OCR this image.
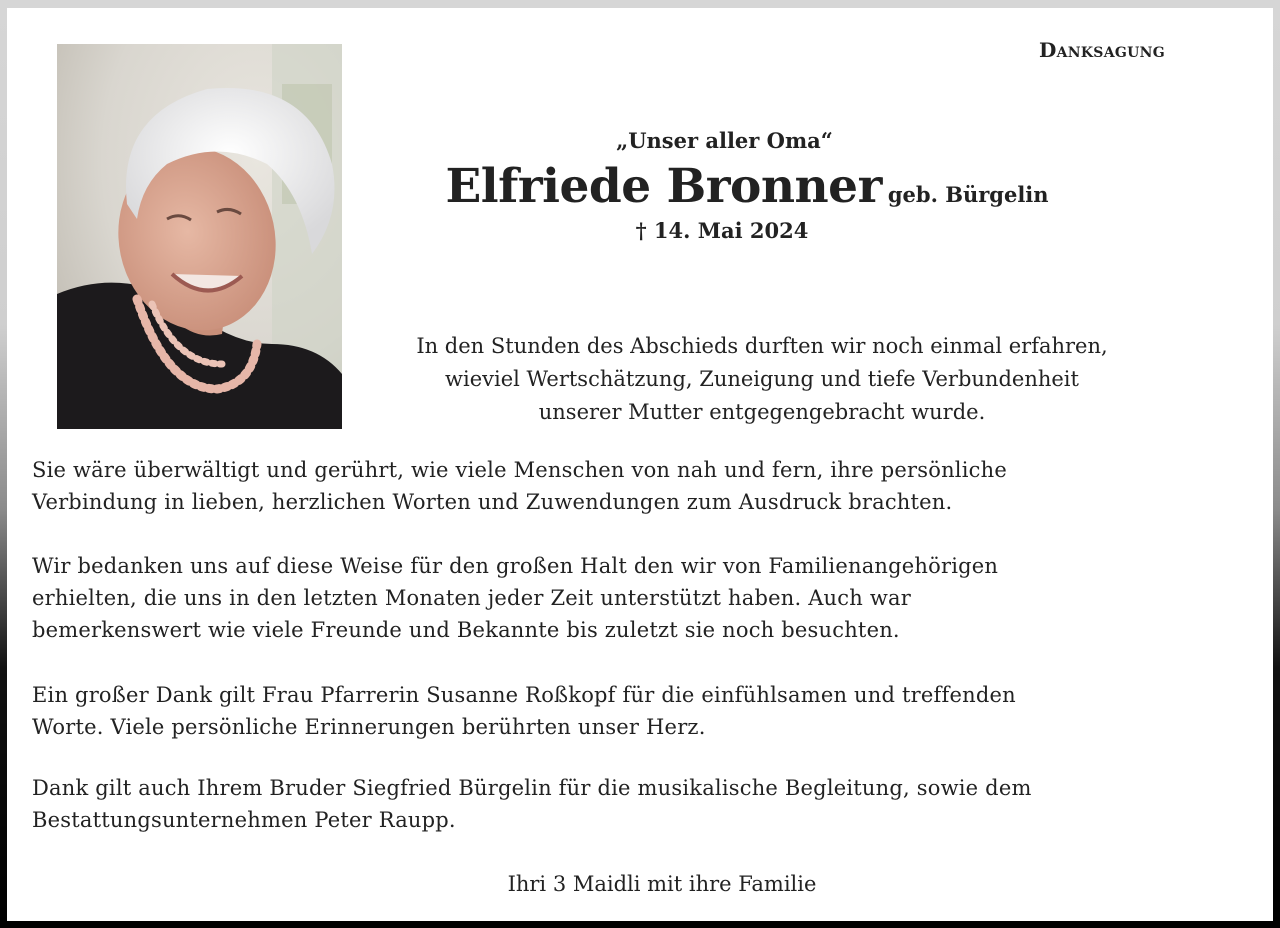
Danksagung
„Unser aller Oma“
Elfriede Bronner geb. Bürgelin
† 14. Mai 2024
In den Stunden des Abschieds durften wir noch einmal erfahren,
wieviel Wertschätzung, Zuneigung und tiefe Verbundenheit
unserer Mutter entgegengebracht wurde.
Sie wäre überwältigt und gerührt, wie viele Menschen von nah und fern, ihre persönliche
Verbindung in lieben, herzlichen Worten und Zuwendungen zum Ausdruck brachten.
Wir bedanken uns auf diese Weise für den großen Halt den wir von Familienangehörigen
erhielten, die uns in den letzten Monaten jeder Zeit unterstützt haben. Auch war
bemerkenswert wie viele Freunde und Bekannte bis zuletzt sie noch besuchten.
Ein großer Dank gilt Frau Pfarrerin Susanne Roßkopf für die einfühlsamen und treffenden
Worte. Viele persönliche Erinnerungen berührten unser Herz.
Dank gilt auch Ihrem Bruder Siegfried Bürgelin für die musikalische Begleitung, sowie dem
Bestattungsunternehmen Peter Raupp.
Ihri 3 Maidli mit ihre Familie
